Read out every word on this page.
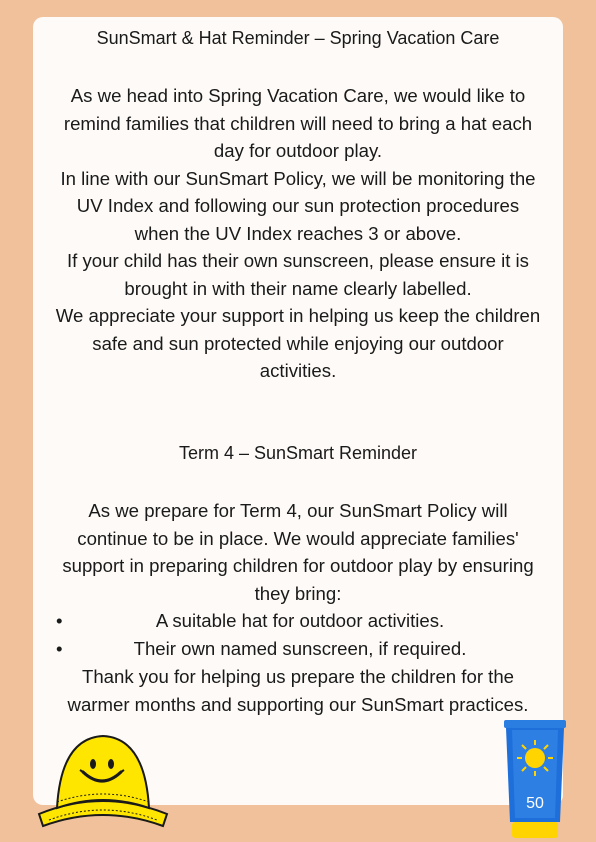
SunSmart & Hat Reminder – Spring Vacation Care
As we head into Spring Vacation Care, we would like to
remind families that children will need to bring a hat each
day for outdoor play.
In line with our SunSmart Policy, we will be monitoring the
UV Index and following our sun protection procedures
when the UV Index reaches 3 or above.
If your child has their own sunscreen, please ensure it is
brought in with their name clearly labelled.
We appreciate your support in helping us keep the children
safe and sun protected while enjoying our outdoor
activities.
Term 4 – SunSmart Reminder
As we prepare for Term 4, our SunSmart Policy will
continue to be in place. We would appreciate families'
support in preparing children for outdoor play by ensuring
they bring:
•	A suitable hat for outdoor activities.
•	Their own named sunscreen, if required.
Thank you for helping us prepare the children for the
warmer months and supporting our SunSmart practices.
50
